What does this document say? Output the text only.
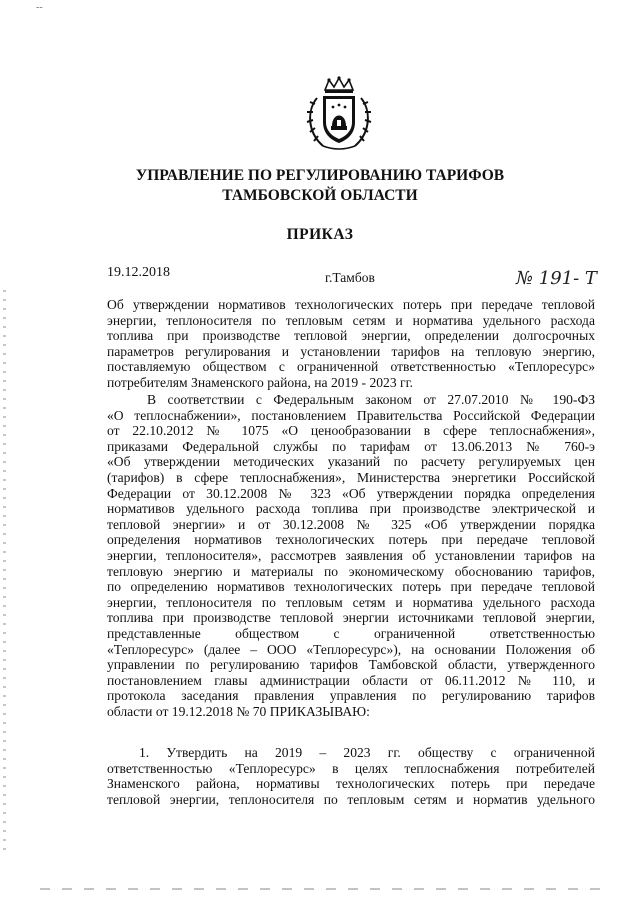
--
УПРАВЛЕНИЕ ПО РЕГУЛИРОВАНИЮ ТАРИФОВ
ТАМБОВСКОЙ ОБЛАСТИ
ПРИКАЗ
19.12.2018	г.Тамбов	№ 191- Т
Об утверждении нормативов технологических потерь при передаче тепловой
энергии, теплоносителя по тепловым сетям и норматива удельного расхода
топлива при производстве тепловой энергии, определении долгосрочных
параметров регулирования и установлении тарифов на тепловую энергию,
поставляемую обществом с ограниченной ответственностью «Теплоресурс»
потребителям Знаменского района, на 2019 - 2023 гг.
В соответствии с Федеральным законом от 27.07.2010 № 190-ФЗ
«О теплоснабжении», постановлением Правительства Российской Федерации
от 22.10.2012 № 1075 «О ценообразовании в сфере теплоснабжения»,
приказами Федеральной службы по тарифам от 13.06.2013 № 760-э
«Об утверждении методических указаний по расчету регулируемых цен
(тарифов) в сфере теплоснабжения», Министерства энергетики Российской
Федерации от 30.12.2008 № 323 «Об утверждении порядка определения
нормативов удельного расхода топлива при производстве электрической и
тепловой энергии» и от 30.12.2008 № 325 «Об утверждении порядка
определения нормативов технологических потерь при передаче тепловой
энергии, теплоносителя», рассмотрев заявления об установлении тарифов на
тепловую энергию и материалы по экономическому обоснованию тарифов,
по определению нормативов технологических потерь при передаче тепловой
энергии, теплоносителя по тепловым сетям и норматива удельного расхода
топлива при производстве тепловой энергии источниками тепловой энергии,
представленные обществом с ограниченной ответственностью
«Теплоресурс» (далее – ООО «Теплоресурс»), на основании Положения об
управлении по регулированию тарифов Тамбовской области, утвержденного
постановлением главы администрации области от 06.11.2012 № 110, и
протокола заседания правления управления по регулированию тарифов
области от 19.12.2018 № 70 ПРИКАЗЫВАЮ:
1. Утвердить на 2019 – 2023 гг. обществу с ограниченной
ответственностью «Теплоресурс» в целях теплоснабжения потребителей
Знаменского района, нормативы технологических потерь при передаче
тепловой энергии, теплоносителя по тепловым сетям и норматив удельного
